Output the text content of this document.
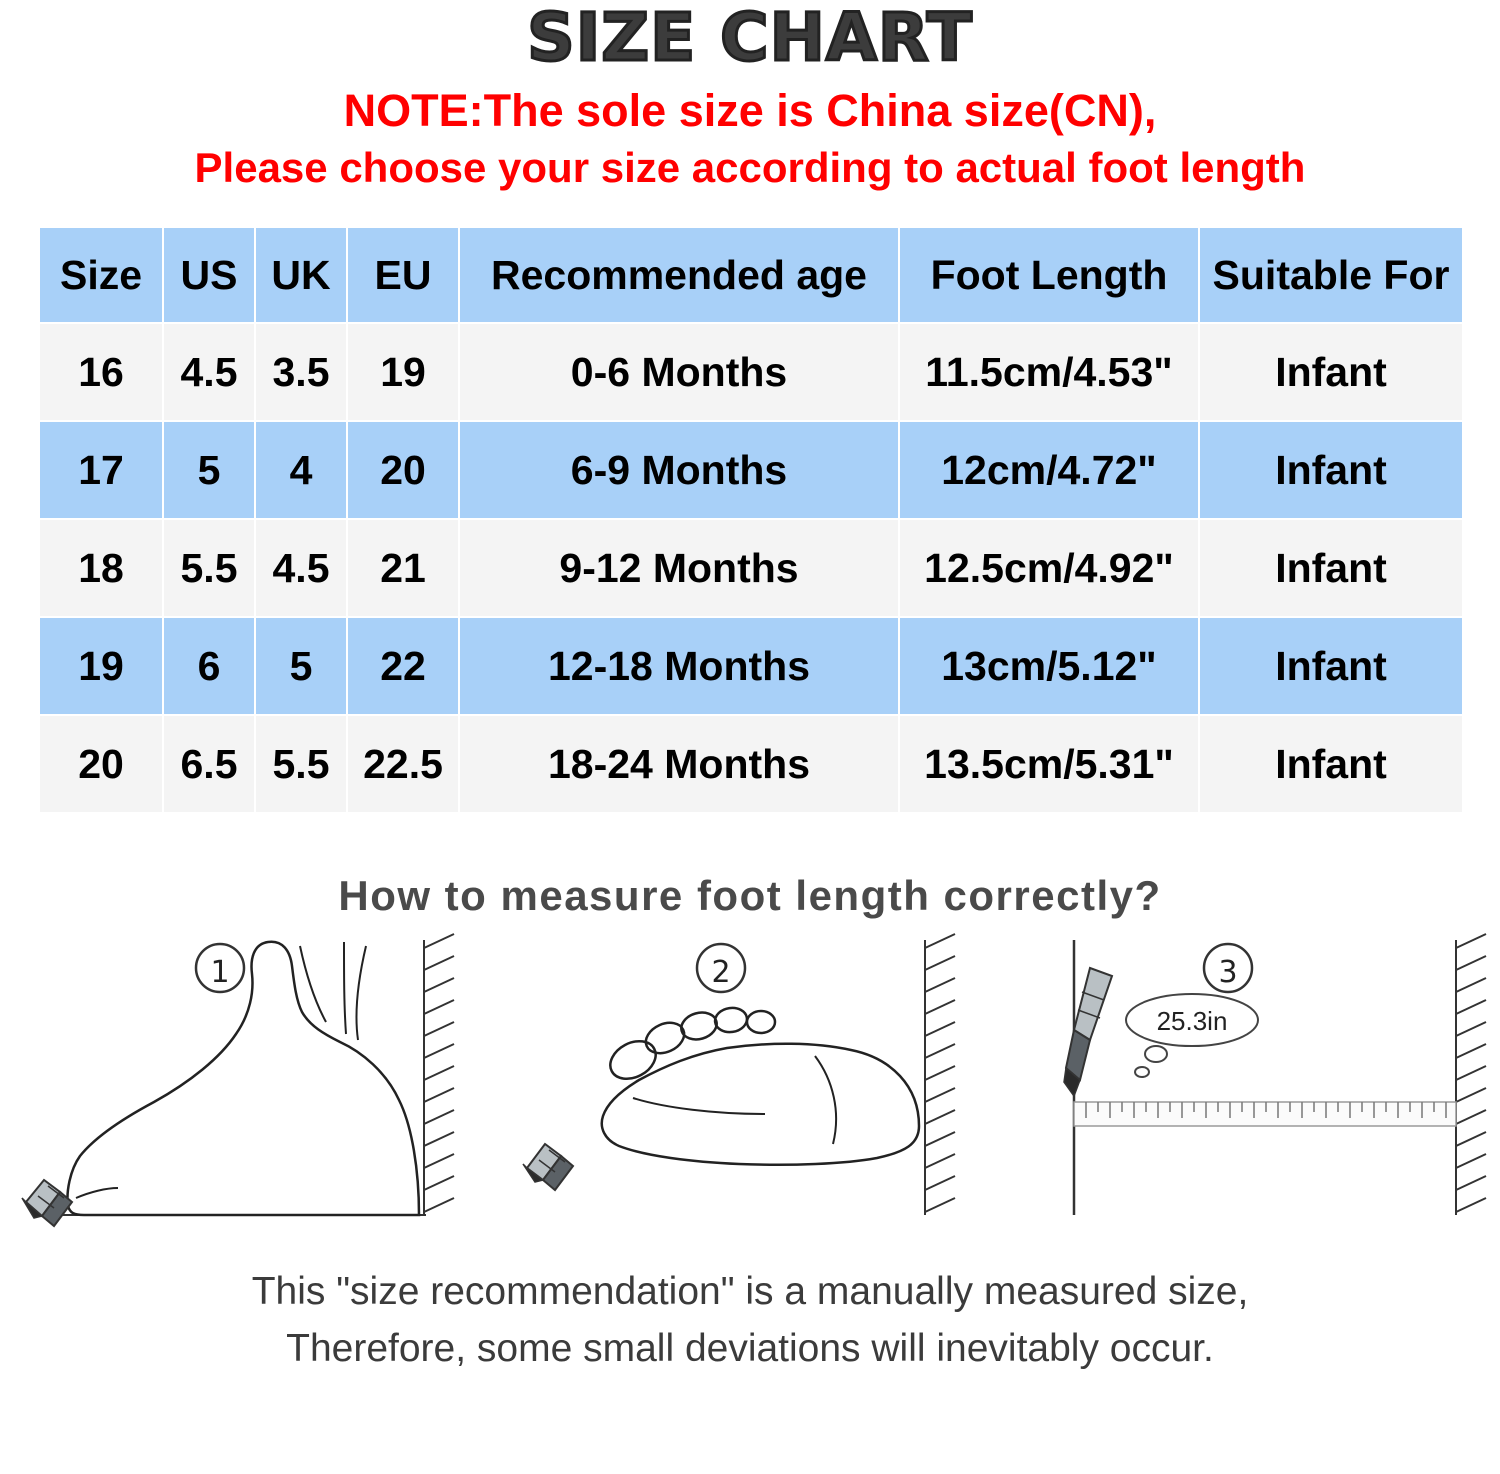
SIZE CHART
NOTE:The sole size is China size(CN),
Please choose your size according to actual foot length
Size	US	UK	EU	Recommended age	Foot Length	Suitable For
16	4.5	3.5	19	0-6 Months	11.5cm/4.53"	Infant
17	5	4	20	6-9 Months	12cm/4.72"	Infant
18	5.5	4.5	21	9-12 Months	12.5cm/4.92"	Infant
19	6	5	22	12-18 Months	13cm/5.12"	Infant
20	6.5	5.5	22.5	18-24 Months	13.5cm/5.31"	Infant
How to measure foot length correctly?
1	2
25.3in
3
This "size recommendation" is a manually measured size,
Therefore, some small deviations will inevitably occur.
